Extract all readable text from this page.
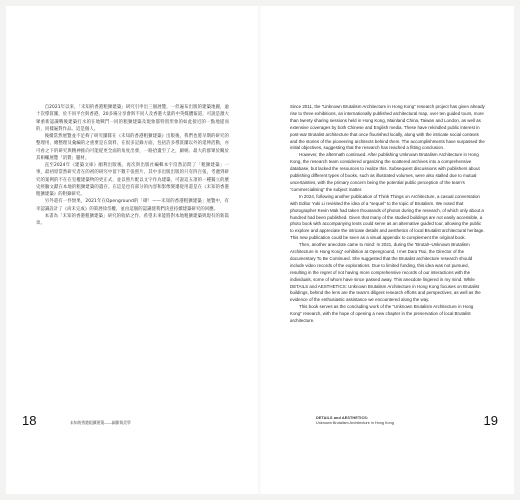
自2021年以來，「未知的香港粗獷建築」研究引申出三個展覽，一但遍布出版的建築地圖，逾十次導賞團，於不同平台與香港，20多場分享會與不同人及香港大量的中英媒體報道，可說是激大眾重新認識戰後建築打水的在地戰鬥一同的粗獷建築及現象都特別形象的如此接近的一點地提而的，同樣遍對作品。這是個人。

後續當然展覽並不足夠了研究團隊在《未知的香港粗獷建築》出版後，我們也將早期的研究的整理用，總整理及彙編的之重要是在資料，在很多記錄方面，包括許多導賞團以外的延伸活動，亦可看之下的研究與精神推向可能從更全面的角度出發，一路拾遺至了之，歸納、最大的群眾於關於其相輔展覽「消費」題材。

直至2024年《建築文庫》順利出版後，再次與出版社編輯本宇沒然訪問了「粗獷建築」一事，最初原當然研究者在的初的研究中留下數千張照片，其中多出版出版的只有四百張，考慮到研究的案例的不在在室權建築物的更正式，並以照片配以文字作為建築，可說這五項的一種獨立的歷史經驗文獻在本地的粗獷建築的遺存。在這是也有部分的內容和影像變遷從用還是在《未知的香港粗獷建築》的附錄研究。

另外還有一件無果，2021年在Openground的「砌！——未知的香港粗獷建築」展覽中，有幸認識設計了《尚未完成》的策展徐岱權，並由這個的認識使我們決意持續建築研究的回應。

本書為「未知的香港粗獷建築」研究的收結之作，希望未來能將對本地粗獷建築與現有的新篇章。

18	未知的香港粗獷建築——細節與美學

Since 2011, the “Unknown Brutalism Architecture in Hong Kong” research project has given already rise to three exhibitions, an internationally published architectural map, over ten guided tours, more than twenty sharing sessions held in Hong Kong, Mainland China, Taiwan and London, as well as extensive coverages by both Chinese and English media. These have rekindled public interest in post-war Brutalist architecture that once flourished locally, along with the intricate social contexts and the stories of the pioneering architects behind them. The accomplishments have surpassed the initial objectives, suggesting that the research has reached a fitting conclusion.

However, the aftermath continued. After publishing Unknown Brutalism Architecture in Hong Kong, the research team considered organizing the scattered archives into a comprehensive database, but lacked the resources to realize this. Subsequent discussions with publishers about publishing different types of books, such as illustrated volumes, were also stalled due to mutual uncertainties, with the primary concern being the potential public perception of the team’s “commercialising” the subject matter.

In 2024, following another publication of Think Things on Architecture, a casual conversation with Editor Yuki Li revisited the idea of a “sequel” to the topic of Brutalism. We noted that photographer Kevin Mak had taken thousands of photos during the research, of which only about a hundred had been published. Given that many of the studied buildings are not easily accessible, a photo book with accompanying texts could serve as an alternative guided tour, allowing the public to explore and appreciate the intricate details and aesthetics of local Brutalist architectural heritage. This new publication could be seen as a visual appendix to complement the original book.

Then, another anecdote came to mind: In 2021, during the “Brutal!–Unknown Brutalism Architecture in Hong Kong” exhibition at Openground, I met Dara Tsui, the Director of the documentary To Be Continued. She suggested that the Brutalist architecture research should include video records of the explorations. Due to limited funding, this idea was not pursued, resulting in the regret of not having more comprehensive records of our interactions with the individuals, some of whom have since passed away. This anecdote lingered in my mind. While DETAILS and AESTHETICS: Unknown Brutalism Architecture in Hong Kong focuses on Brutalist buildings, behind the lens are the team’s diligent research efforts and perspectives, as well as the evidence of the enthusiastic assistance we encountered along the way.

This book serves as the concluding work of the “Unknown Brutalism Architecture in Hong Kong” research, with the hope of opening a new chapter in the preservation of local Brutalist architecture.

DETAILS and AESTHETICS:
Unknown Brutalism Architecture in Hong Kong	19
